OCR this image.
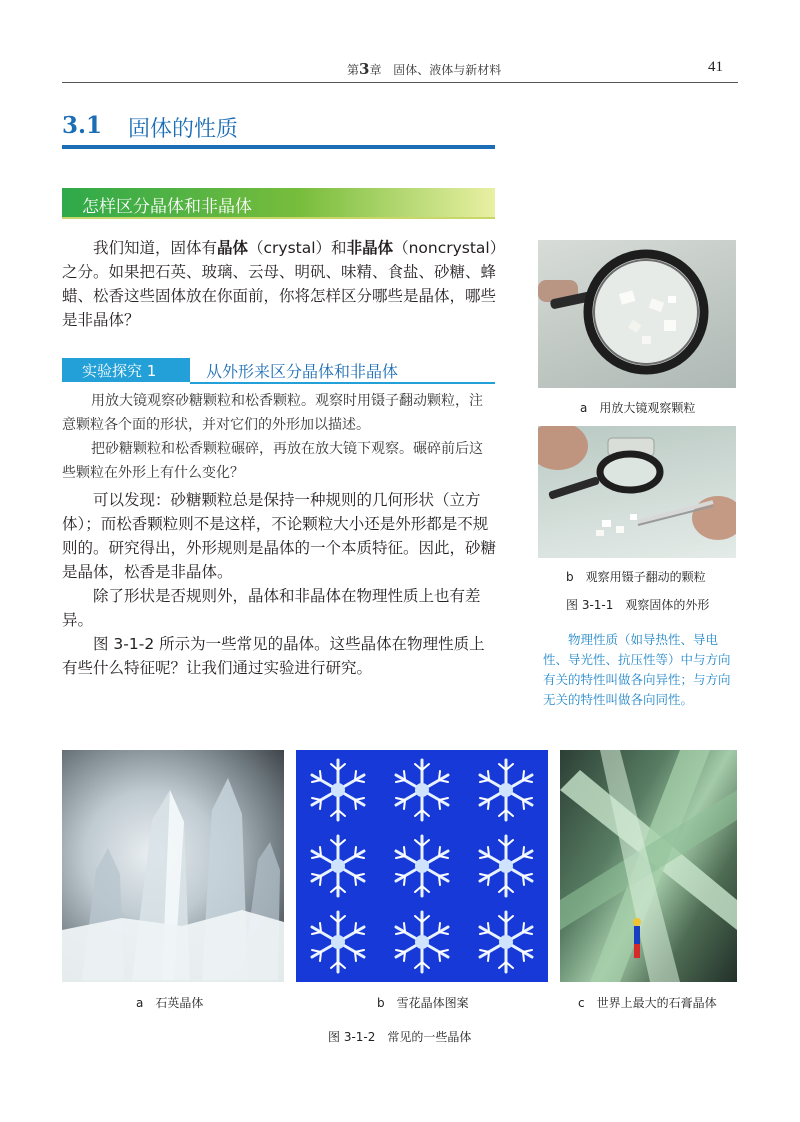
第3章 固体、液体与新材料	41
3.1 固体的性质
怎样区分晶体和非晶体

我们知道，固体有晶体（crystal）和非晶体（noncrystal）之分。如果把石英、玻璃、云母、明矾、味精、食盐、砂糖、蜂蜡、松香这些固体放在你面前，你将怎样区分哪些是晶体，哪些是非晶体？

实验探究 1	从外形来区分晶体和非晶体

用放大镜观察砂糖颗粒和松香颗粒。观察时用镊子翻动颗粒，注意颗粒各个面的形状，并对它们的外形加以描述。

把砂糖颗粒和松香颗粒碾碎，再放在放大镜下观察。碾碎前后这些颗粒在外形上有什么变化？

可以发现：砂糖颗粒总是保持一种规则的几何形状（立方体）；而松香颗粒则不是这样，不论颗粒大小还是外形都是不规则的。研究得出，外形规则是晶体的一个本质特征。因此，砂糖是晶体，松香是非晶体。

除了形状是否规则外，晶体和非晶体在物理性质上也有差异。

图 3-1-2 所示为一些常见的晶体。这些晶体在物理性质上有些什么特征呢？让我们通过实验进行研究。

a　用放大镜观察颗粒
b　观察用镊子翻动的颗粒
图 3-1-1　观察固体的外形

物理性质（如导热性、导电性、导光性、抗压性等）中与方向有关的特性叫做各向异性；与方向无关的特性叫做各向同性。

a　石英晶体	b　雪花晶体图案	c　世界上最大的石膏晶体
图 3-1-2　常见的一些晶体
